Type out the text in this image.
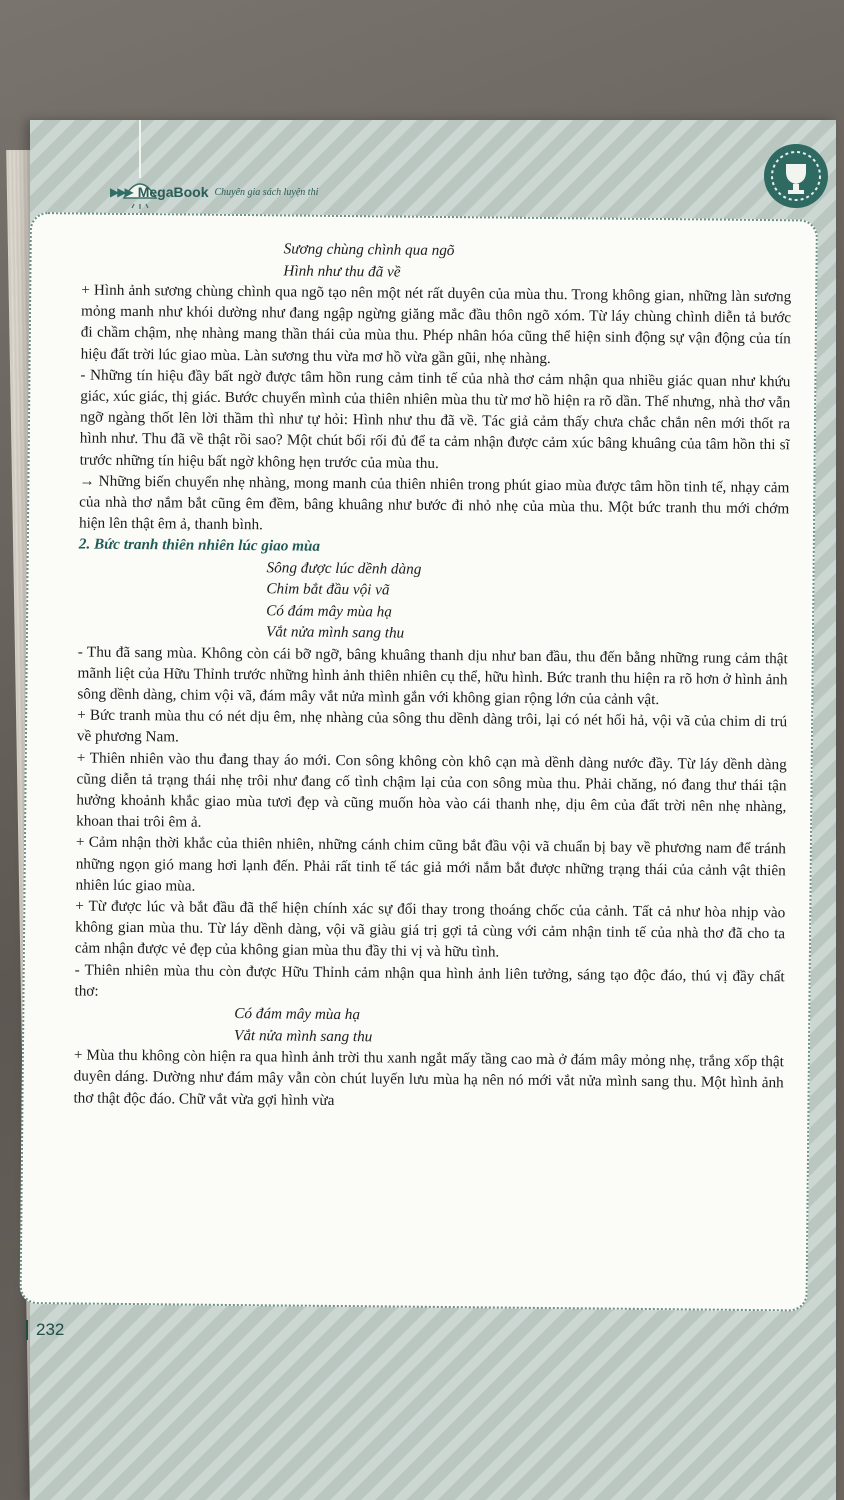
▶▶▶ MegaBook Chuyên gia sách luyện thi

Sương chùng chình qua ngõ

Hình như thu đã về

+ Hình ảnh sương chùng chình qua ngõ tạo nên một nét rất duyên của mùa thu. Trong không gian, những làn sương mỏng manh như khói dường như đang ngập ngừng giăng mắc đầu thôn ngõ xóm. Từ láy chùng chình diễn tả bước đi chầm chậm, nhẹ nhàng mang thần thái của mùa thu. Phép nhân hóa cũng thể hiện sinh động sự vận động của tín hiệu đất trời lúc giao mùa. Làn sương thu vừa mơ hồ vừa gần gũi, nhẹ nhàng.

- Những tín hiệu đầy bất ngờ được tâm hồn rung cảm tinh tế của nhà thơ cảm nhận qua nhiều giác quan như khứu giác, xúc giác, thị giác. Bước chuyển mình của thiên nhiên mùa thu từ mơ hồ hiện ra rõ dần. Thế nhưng, nhà thơ vẫn ngỡ ngàng thốt lên lời thầm thì như tự hỏi: Hình như thu đã về. Tác giả cảm thấy chưa chắc chắn nên mới thốt ra hình như. Thu đã về thật rồi sao? Một chút bối rối đủ để ta cảm nhận được cảm xúc bâng khuâng của tâm hồn thi sĩ trước những tín hiệu bất ngờ không hẹn trước của mùa thu.

→ Những biến chuyển nhẹ nhàng, mong manh của thiên nhiên trong phút giao mùa được tâm hồn tinh tế, nhạy cảm của nhà thơ nắm bắt cũng êm đềm, bâng khuâng như bước đi nhỏ nhẹ của mùa thu. Một bức tranh thu mới chớm hiện lên thật êm ả, thanh bình.

2. Bức tranh thiên nhiên lúc giao mùa

Sông được lúc dềnh dàng

Chim bắt đầu vội vã

Có đám mây mùa hạ

Vắt nửa mình sang thu

- Thu đã sang mùa. Không còn cái bỡ ngỡ, bâng khuâng thanh dịu như ban đầu, thu đến bằng những rung cảm thật mãnh liệt của Hữu Thỉnh trước những hình ảnh thiên nhiên cụ thể, hữu hình. Bức tranh thu hiện ra rõ hơn ở hình ảnh sông dềnh dàng, chim vội vã, đám mây vắt nửa mình gắn với không gian rộng lớn của cảnh vật.

+ Bức tranh mùa thu có nét dịu êm, nhẹ nhàng của sông thu dềnh dàng trôi, lại có nét hối hả, vội vã của chim di trú về phương Nam.

+ Thiên nhiên vào thu đang thay áo mới. Con sông không còn khô cạn mà dềnh dàng nước đầy. Từ láy dềnh dàng cũng diễn tả trạng thái nhẹ trôi như đang cố tình chậm lại của con sông mùa thu. Phải chăng, nó đang thư thái tận hưởng khoảnh khắc giao mùa tươi đẹp và cũng muốn hòa vào cái thanh nhẹ, dịu êm của đất trời nên nhẹ nhàng, khoan thai trôi êm ả.

+ Cảm nhận thời khắc của thiên nhiên, những cánh chim cũng bắt đầu vội vã chuẩn bị bay về phương nam để tránh những ngọn gió mang hơi lạnh đến. Phải rất tinh tế tác giả mới nắm bắt được những trạng thái của cảnh vật thiên nhiên lúc giao mùa.

+ Từ được lúc và bắt đầu đã thể hiện chính xác sự đổi thay trong thoáng chốc của cảnh. Tất cả như hòa nhịp vào không gian mùa thu. Từ láy dềnh dàng, vội vã giàu giá trị gợi tả cùng với cảm nhận tinh tế của nhà thơ đã cho ta cảm nhận được vẻ đẹp của không gian mùa thu đầy thi vị và hữu tình.

- Thiên nhiên mùa thu còn được Hữu Thỉnh cảm nhận qua hình ảnh liên tưởng, sáng tạo độc đáo, thú vị đầy chất thơ:

Có đám mây mùa hạ

Vắt nửa mình sang thu

+ Mùa thu không còn hiện ra qua hình ảnh trời thu xanh ngắt mấy tầng cao mà ở đám mây mỏng nhẹ, trắng xốp thật duyên dáng. Dường như đám mây vẫn còn chút luyến lưu mùa hạ nên nó mới vắt nửa mình sang thu. Một hình ảnh thơ thật độc đáo. Chữ vắt vừa gợi hình vừa

232
